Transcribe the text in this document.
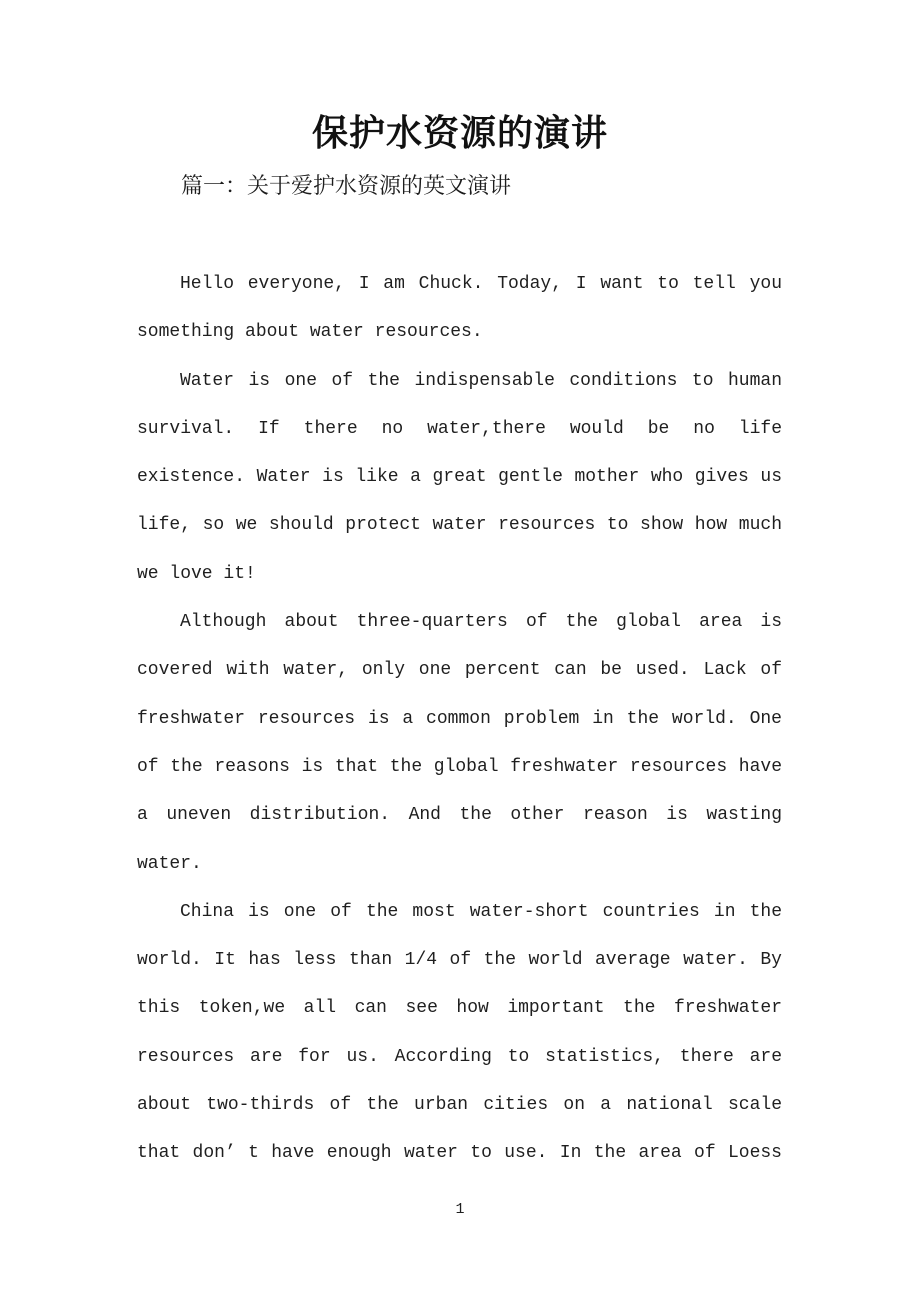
保护水资源的演讲
篇一：关于爱护水资源的英文演讲
Hello everyone, I am Chuck. Today, I want to tell you
something about water resources.
Water is one of the indispensable conditions to human
survival. If there no water,there would be no life
existence. Water is like a great gentle mother who gives us
life, so we should protect water resources to show how much
we love it!
Although about three-quarters of the global area is
covered with water, only one percent can be used. Lack of
freshwater resources is a common problem in the world. One
of the reasons is that the global freshwater resources have
a uneven distribution. And the other reason is wasting
water.
China is one of the most water-short countries in the
world. It has less than 1/4 of the world average water. By
this token,we all can see how important the freshwater
resources are for us. According to statistics, there are
about two-thirds of the urban cities on a national scale
that don’ t have enough water to use. In the area of Loess
1
